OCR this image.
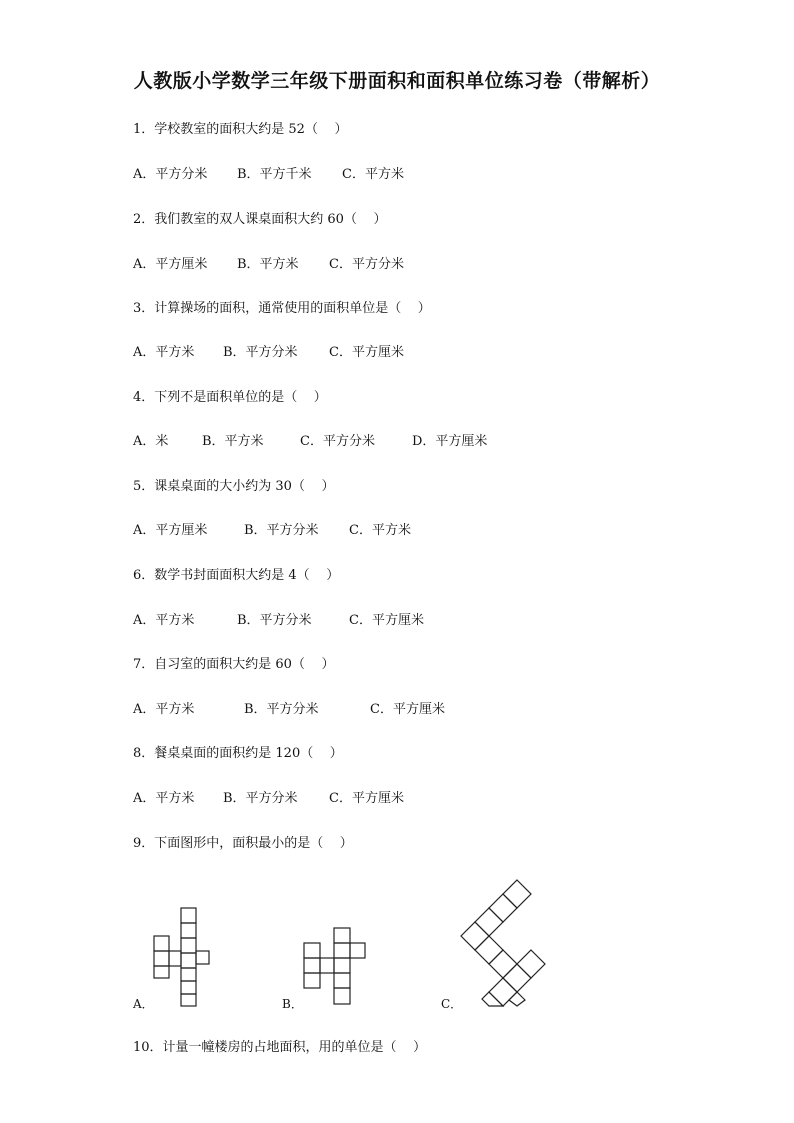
人教版小学数学三年级下册面积和面积单位练习卷（带解析）
1．学校教室的面积大约是 52（    ）
A．平方分米 B．平方千米 C．平方米
2．我们教室的双人课桌面积大约 60（    ）
A．平方厘米 B．平方米 C．平方分米
3．计算操场的面积，通常使用的面积单位是（    ）
A．平方米 B．平方分米 C．平方厘米
4．下列不是面积单位的是（    ）
A．米	B．平方米	C．平方分米	D．平方厘米
5．课桌桌面的大小约为 30（    ）
A．平方厘米	B．平方分米 C．平方米
6．数学书封面面积大约是 4（    ）
A．平方米	B．平方分米	C．平方厘米
7．自习室的面积大约是 60（    ）
A．平方米	B．平方分米	C．平方厘米
8．餐桌桌面的面积约是 120（    ）
A．平方米 B．平方分米 C．平方厘米
9．下面图形中，面积最小的是（    ）
A．	B．	C．
10．计量一幢楼房的占地面积，用的单位是（    ）
